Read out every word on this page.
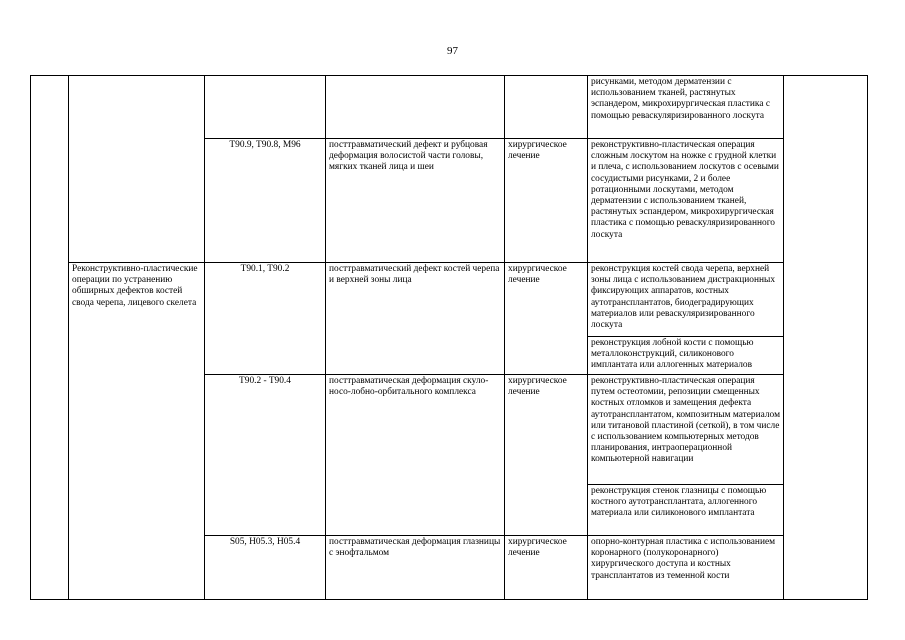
97
					рисунками, методом дерматензии с использованием тканей, растянутых эспандером, микрохирургическая пластика с помощью реваскуляризированного лоскута	
		T90.9, T90.8, M96	посттравматический дефект и рубцовая деформация волосистой части головы, мягких тканей лица и шеи	хирургическое лечение	реконструктивно-пластическая операция сложным лоскутом на ножке с грудной клетки и плеча, с использованием лоскутов с осевыми сосудистыми рисунками, 2 и более ротационными лоскутами, методом дерматензии с использованием тканей, растянутых эспандером, микрохирургическая пластика с помощью реваскуляризированного лоскута	
	Реконструктивно-пластические операции по устранению обширных дефектов костей свода черепа, лицевого скелета	T90.1, T90.2	посттравматический дефект костей черепа и верхней зоны лица	хирургическое лечение	реконструкция костей свода черепа, верхней зоны лица с использованием дистракционных фиксирующих аппаратов, костных аутотрансплантатов, биодеградирующих материалов или реваскуляризированного лоскута	
					реконструкция лобной кости с помощью металлоконструкций, силиконового имплантата или аллогенных материалов	
		T90.2 - T90.4	посттравматическая деформация скуло-носо-лобно-орбитального комплекса	хирургическое лечение	реконструктивно-пластическая операция путем остеотомии, репозиции смещенных костных отломков и замещения дефекта аутотрансплантатом, композитным материалом или титановой пластиной (сеткой), в том числе с использованием компьютерных методов планирования, интраоперационной компьютерной навигации	
					реконструкция стенок глазницы с помощью костного аутотрансплантата, аллогенного материала или силиконового имплантата	
		S05, H05.3, H05.4	посттравматическая деформация глазницы с энофтальмом	хирургическое лечение	опорно-контурная пластика с использованием коронарного (полукоронарного) хирургического доступа и костных трансплантатов из теменной кости	
